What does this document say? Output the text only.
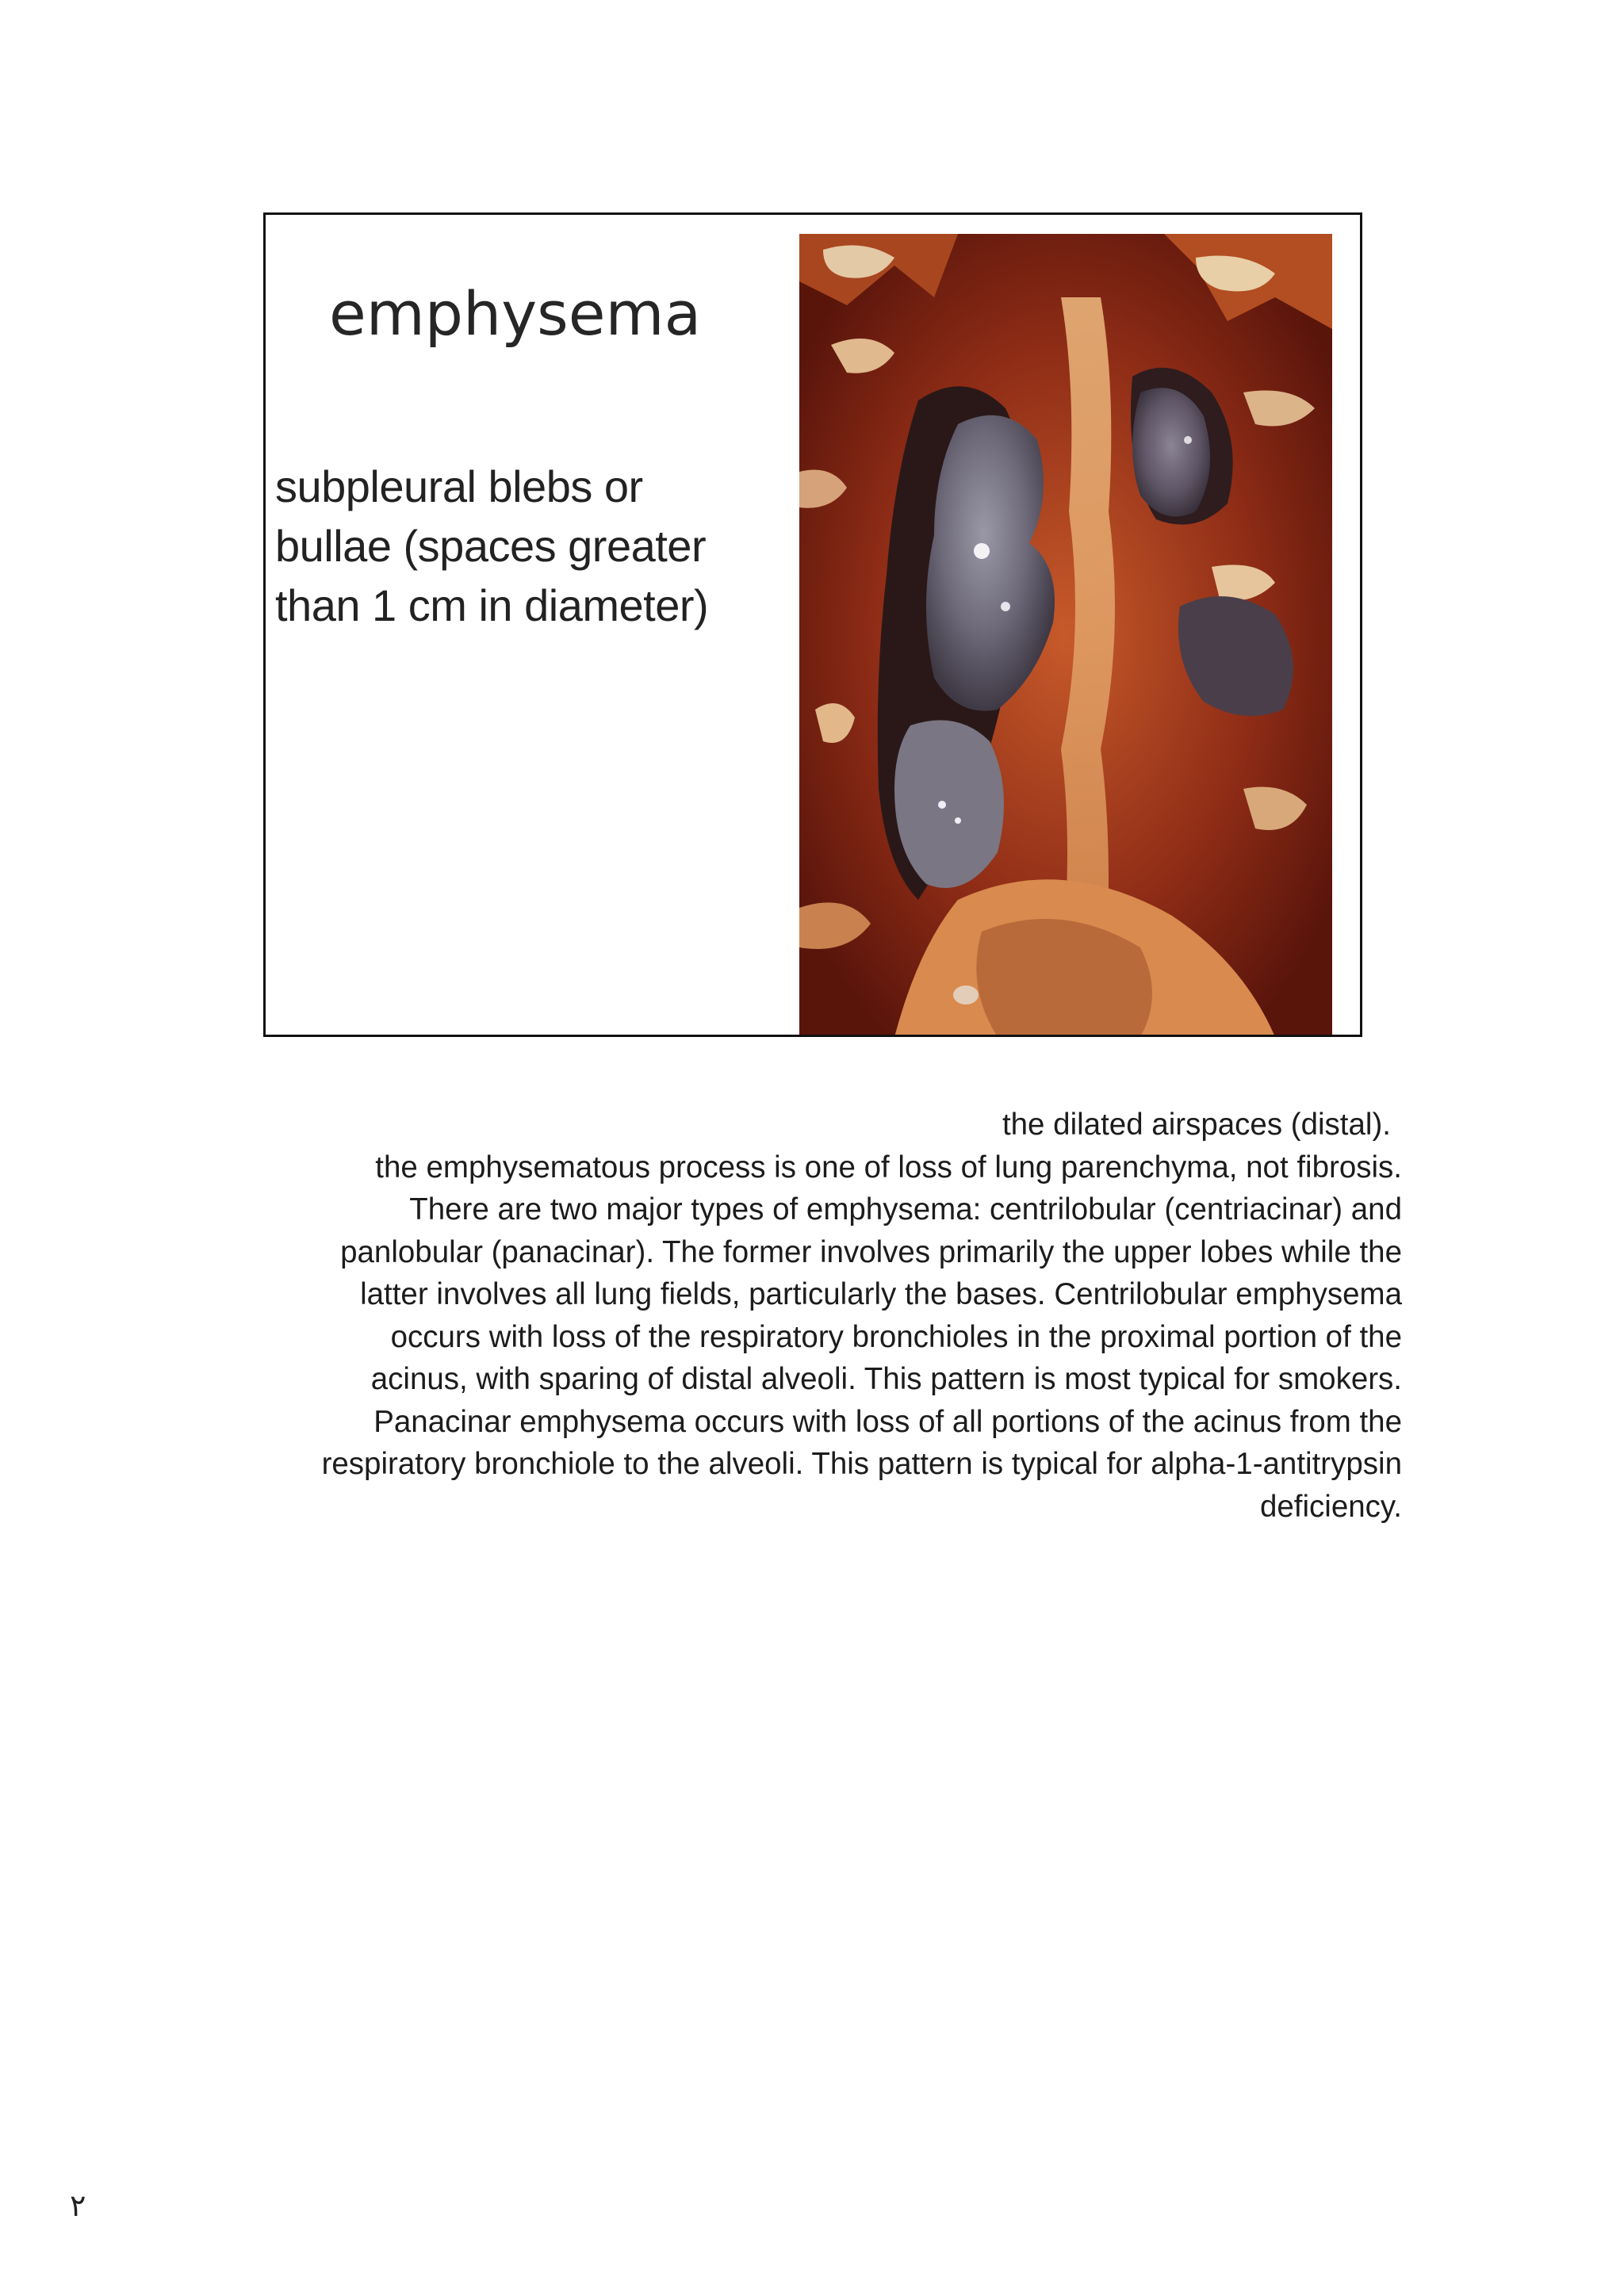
emphysema
subpleural blebs or
bullae (spaces greater
than 1 cm in diameter)
the dilated airspaces (distal).
the emphysematous process is one of loss of lung parenchyma, not fibrosis.
There are two major types of emphysema: centrilobular (centriacinar) and
panlobular (panacinar). The former involves primarily the upper lobes while the
latter involves all lung fields, particularly the bases. Centrilobular emphysema
occurs with loss of the respiratory bronchioles in the proximal portion of the
acinus, with sparing of distal alveoli. This pattern is most typical for smokers.
Panacinar emphysema occurs with loss of all portions of the acinus from the
respiratory bronchiole to the alveoli. This pattern is typical for alpha-1-antitrypsin
deficiency.
٢
